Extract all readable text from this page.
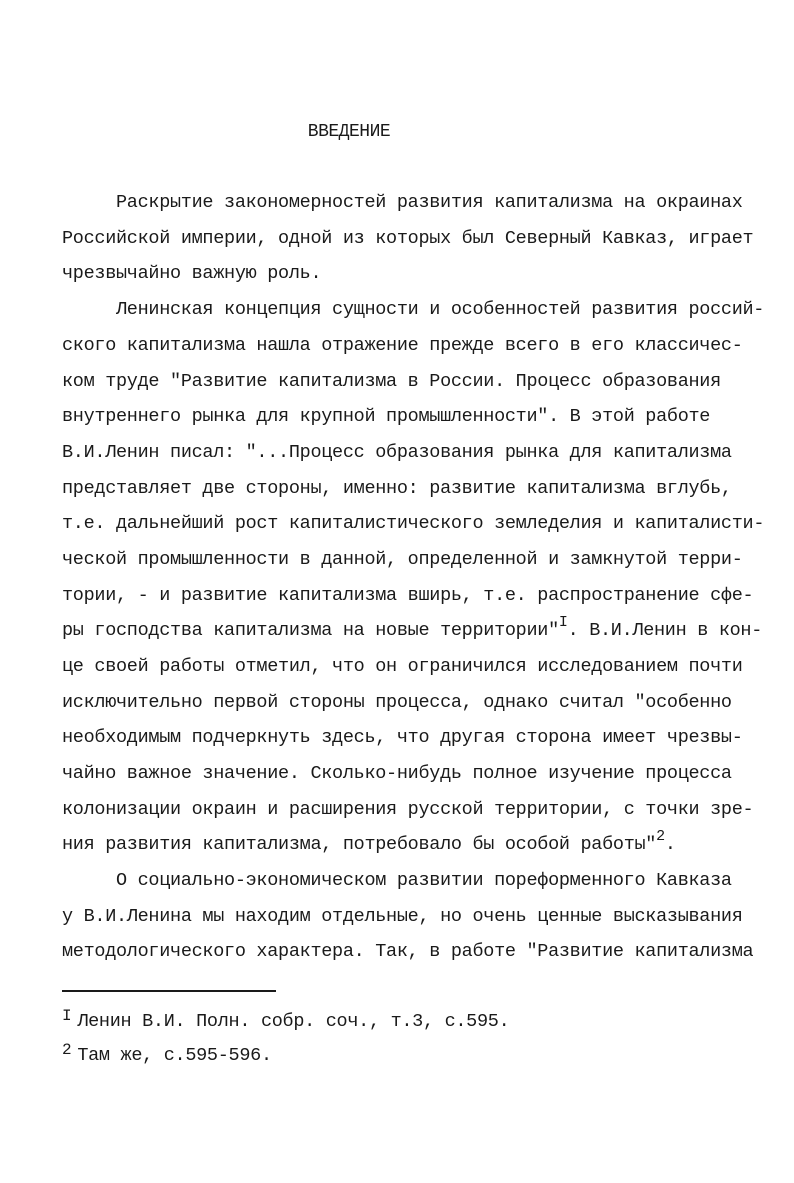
ВВЕДЕНИЕ
Раскрытие закономерностей развития капитализма на окраинах
Российской империи, одной из которых был Северный Кавказ, играет
чрезвычайно важную роль.
Ленинская концепция сущности и особенностей развития россий-
ского капитализма нашла отражение прежде всего в его классичес-
ком труде "Развитие капитализма в России. Процесс образования
внутреннего рынка для крупной промышленности". В этой работе
В.И.Ленин писал: "...Процесс образования рынка для капитализма
представляет две стороны, именно: развитие капитализма вглубь,
т.е. дальнейший рост капиталистического земледелия и капиталисти-
ческой промышленности в данной, определенной и замкнутой терри-
тории, - и развитие капитализма вширь, т.е. распространение сфе-
ры господства капитализма на новые территории"$^I$. В.И.Ленин в кон-
це своей работы отметил, что он ограничился исследованием почти
исключительно первой стороны процесса, однако считал "особенно
необходимым подчеркнуть здесь, что другая сторона имеет чрезвы-
чайно важное значение. Сколько-нибудь полное изучение процесса
колонизации окраин и расширения русской территории, с точки зре-
ния развития капитализма, потребовало бы особой работы"$^2$.
О социально-экономическом развитии пореформенного Кавказа
у В.И.Ленина мы находим отдельные, но очень ценные высказывания
методологического характера. Так, в работе "Развитие капитализма
I Ленин В.И. Полн. собр. соч., т.3, с.595.
2 Там же, с.595-596.
